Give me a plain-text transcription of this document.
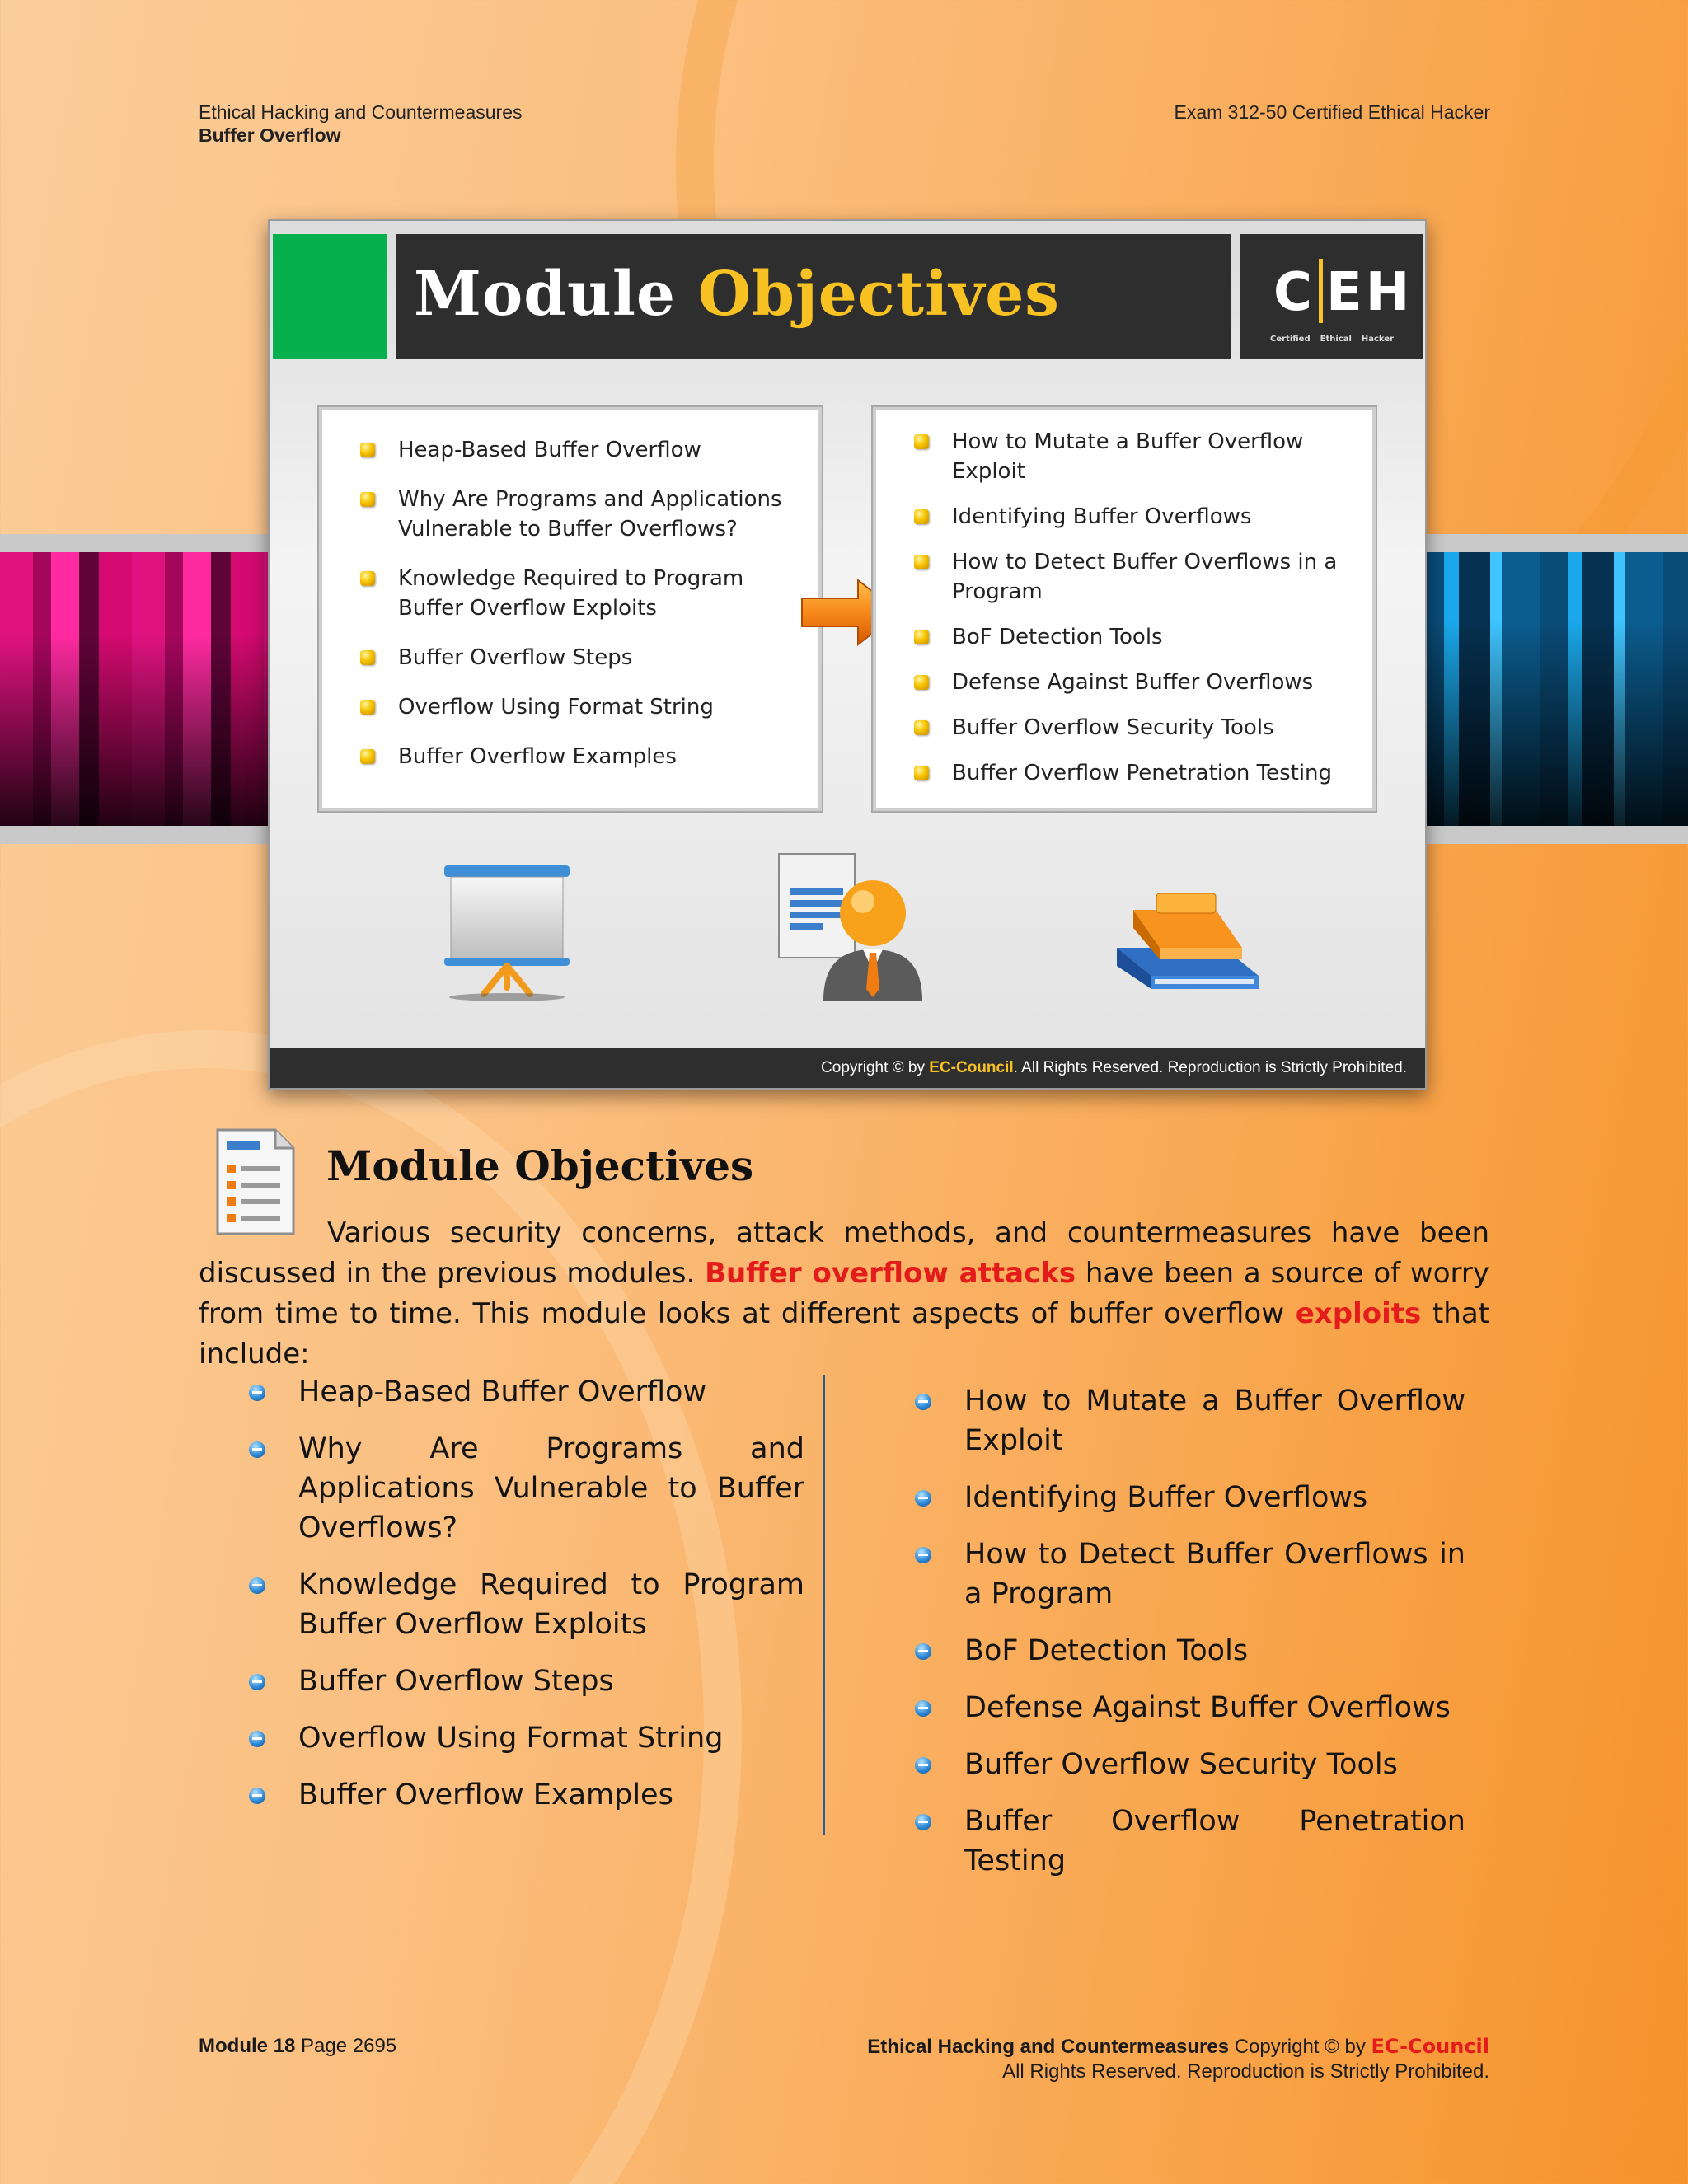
Ethical Hacking and Countermeasures
Buffer Overflow
Exam 312-50 Certified Ethical Hacker
Module Objectives	C EH
Certified Ethical Hacker
Heap-Based Buffer Overflow
Why Are Programs and Applications Vulnerable to Buffer Overflows?
Knowledge Required to Program Buffer Overflow Exploits
Buffer Overflow Steps
Overflow Using Format String
Buffer Overflow Examples
How to Mutate a Buffer Overflow Exploit
Identifying Buffer Overflows
How to Detect Buffer Overflows in a Program
BoF Detection Tools
Defense Against Buffer Overflows
Buffer Overflow Security Tools
Buffer Overflow Penetration Testing
Copyright © by EC-Council. All Rights Reserved. Reproduction is Strictly Prohibited.
Module Objectives

Various security concerns, attack methods, and countermeasures have been discussed in the previous modules. Buffer overflow attacks have been a source of worry from time to time. This module looks at different aspects of buffer overflow exploits that include:

Heap-Based Buffer Overflow
Why Are Programs and Applications Vulnerable to Buffer Overflows?
Knowledge Required to Program Buffer Overflow Exploits
Buffer Overflow Steps
Overflow Using Format String
Buffer Overflow Examples
How to Mutate a Buffer Overflow Exploit
Identifying Buffer Overflows
How to Detect Buffer Overflows in a Program
BoF Detection Tools
Defense Against Buffer Overflows
Buffer Overflow Security Tools
Buffer Overflow Penetration Testing
Module 18 Page 2695	Ethical Hacking and Countermeasures Copyright © by EC-Council
All Rights Reserved. Reproduction is Strictly Prohibited.
